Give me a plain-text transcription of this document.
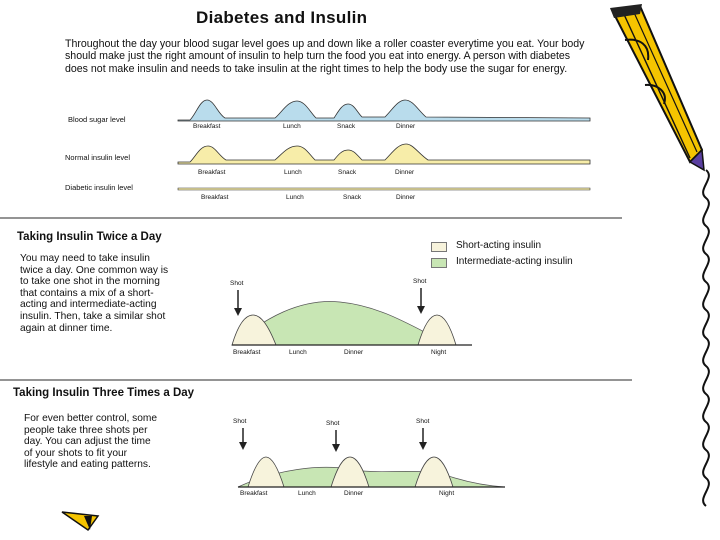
Diabetes and Insulin
Throughout the day your blood sugar level goes up and down like a roller coaster everytime you eat. Your body should make just the right amount of insulin to help turn the food you eat into energy. A person with diabetes does not make insulin and needs to take insulin at the right times to help the body use the sugar for energy.
Blood sugar level
Normal insulin level
Diabetic insulin level
Breakfast	Lunch	Snack	Dinner
Breakfast	Lunch	Snack	Dinner
Breakfast	Lunch	Snack	Dinner
Taking Insulin Twice a Day
You may need to take insulin twice a day. One common way is to take one shot in the morning that contains a mix of a short-acting and intermediate-acting insulin. Then, take a similar shot again at dinner time.
Shot	Shot
Breakfast	Lunch	Dinner	Night
Short-acting insulin
Intermediate-acting insulin
Taking Insulin Three Times a Day
For even better control, some people take three shots per day. You can adjust the time of your shots to fit your lifestyle and eating patterns.
Shot	Shot	Shot
Breakfast	Lunch	Dinner	Night
